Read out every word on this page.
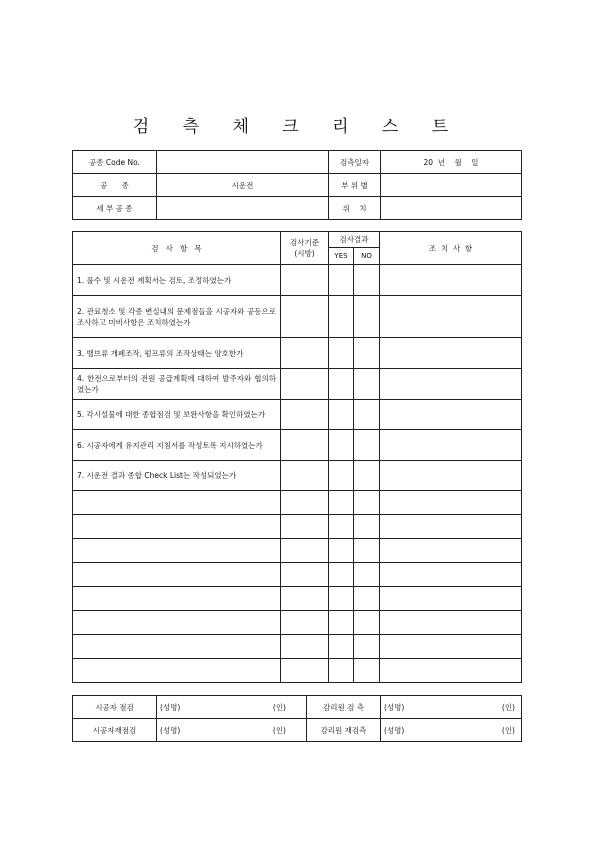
검 측 체 크 리 스 트
공종 Code No.		검측일자	20  년    월    일
공      종	시운전	부 위 별	
세 부 공 종		위    치	
검   사   항   목	검사기준 (시방)	검사결과		조  치  사  항
		YES	NO	
1. 풀수 및 시운전 계획서는 검토, 조정하였는가				
2. 관료청소 및 각종 변실내의 문제점들을 시공자와 공동으로 조사하고 미비사항은 조치하였는가				
3. 밸브류 개폐조작, 펌프류의 조작상태는 양호한가				
4. 한전으로부터의 전원 공급계획에 대하여 발주자와 협의하였는가				
5. 각시설물에 대한 종합점검 및 보완사항을 확인하였는가				
6. 시공자에게 유지관리 지침서를 작성토록 지시하였는가				
7. 시운전 결과 종합 Check List는 작성되었는가				

시공자 점검	(성명)	(인)	감리원 검 측	(성명)	(인)
시공자재점검	(성명)	(인)	감리원 재검측	(성명)	(인)
